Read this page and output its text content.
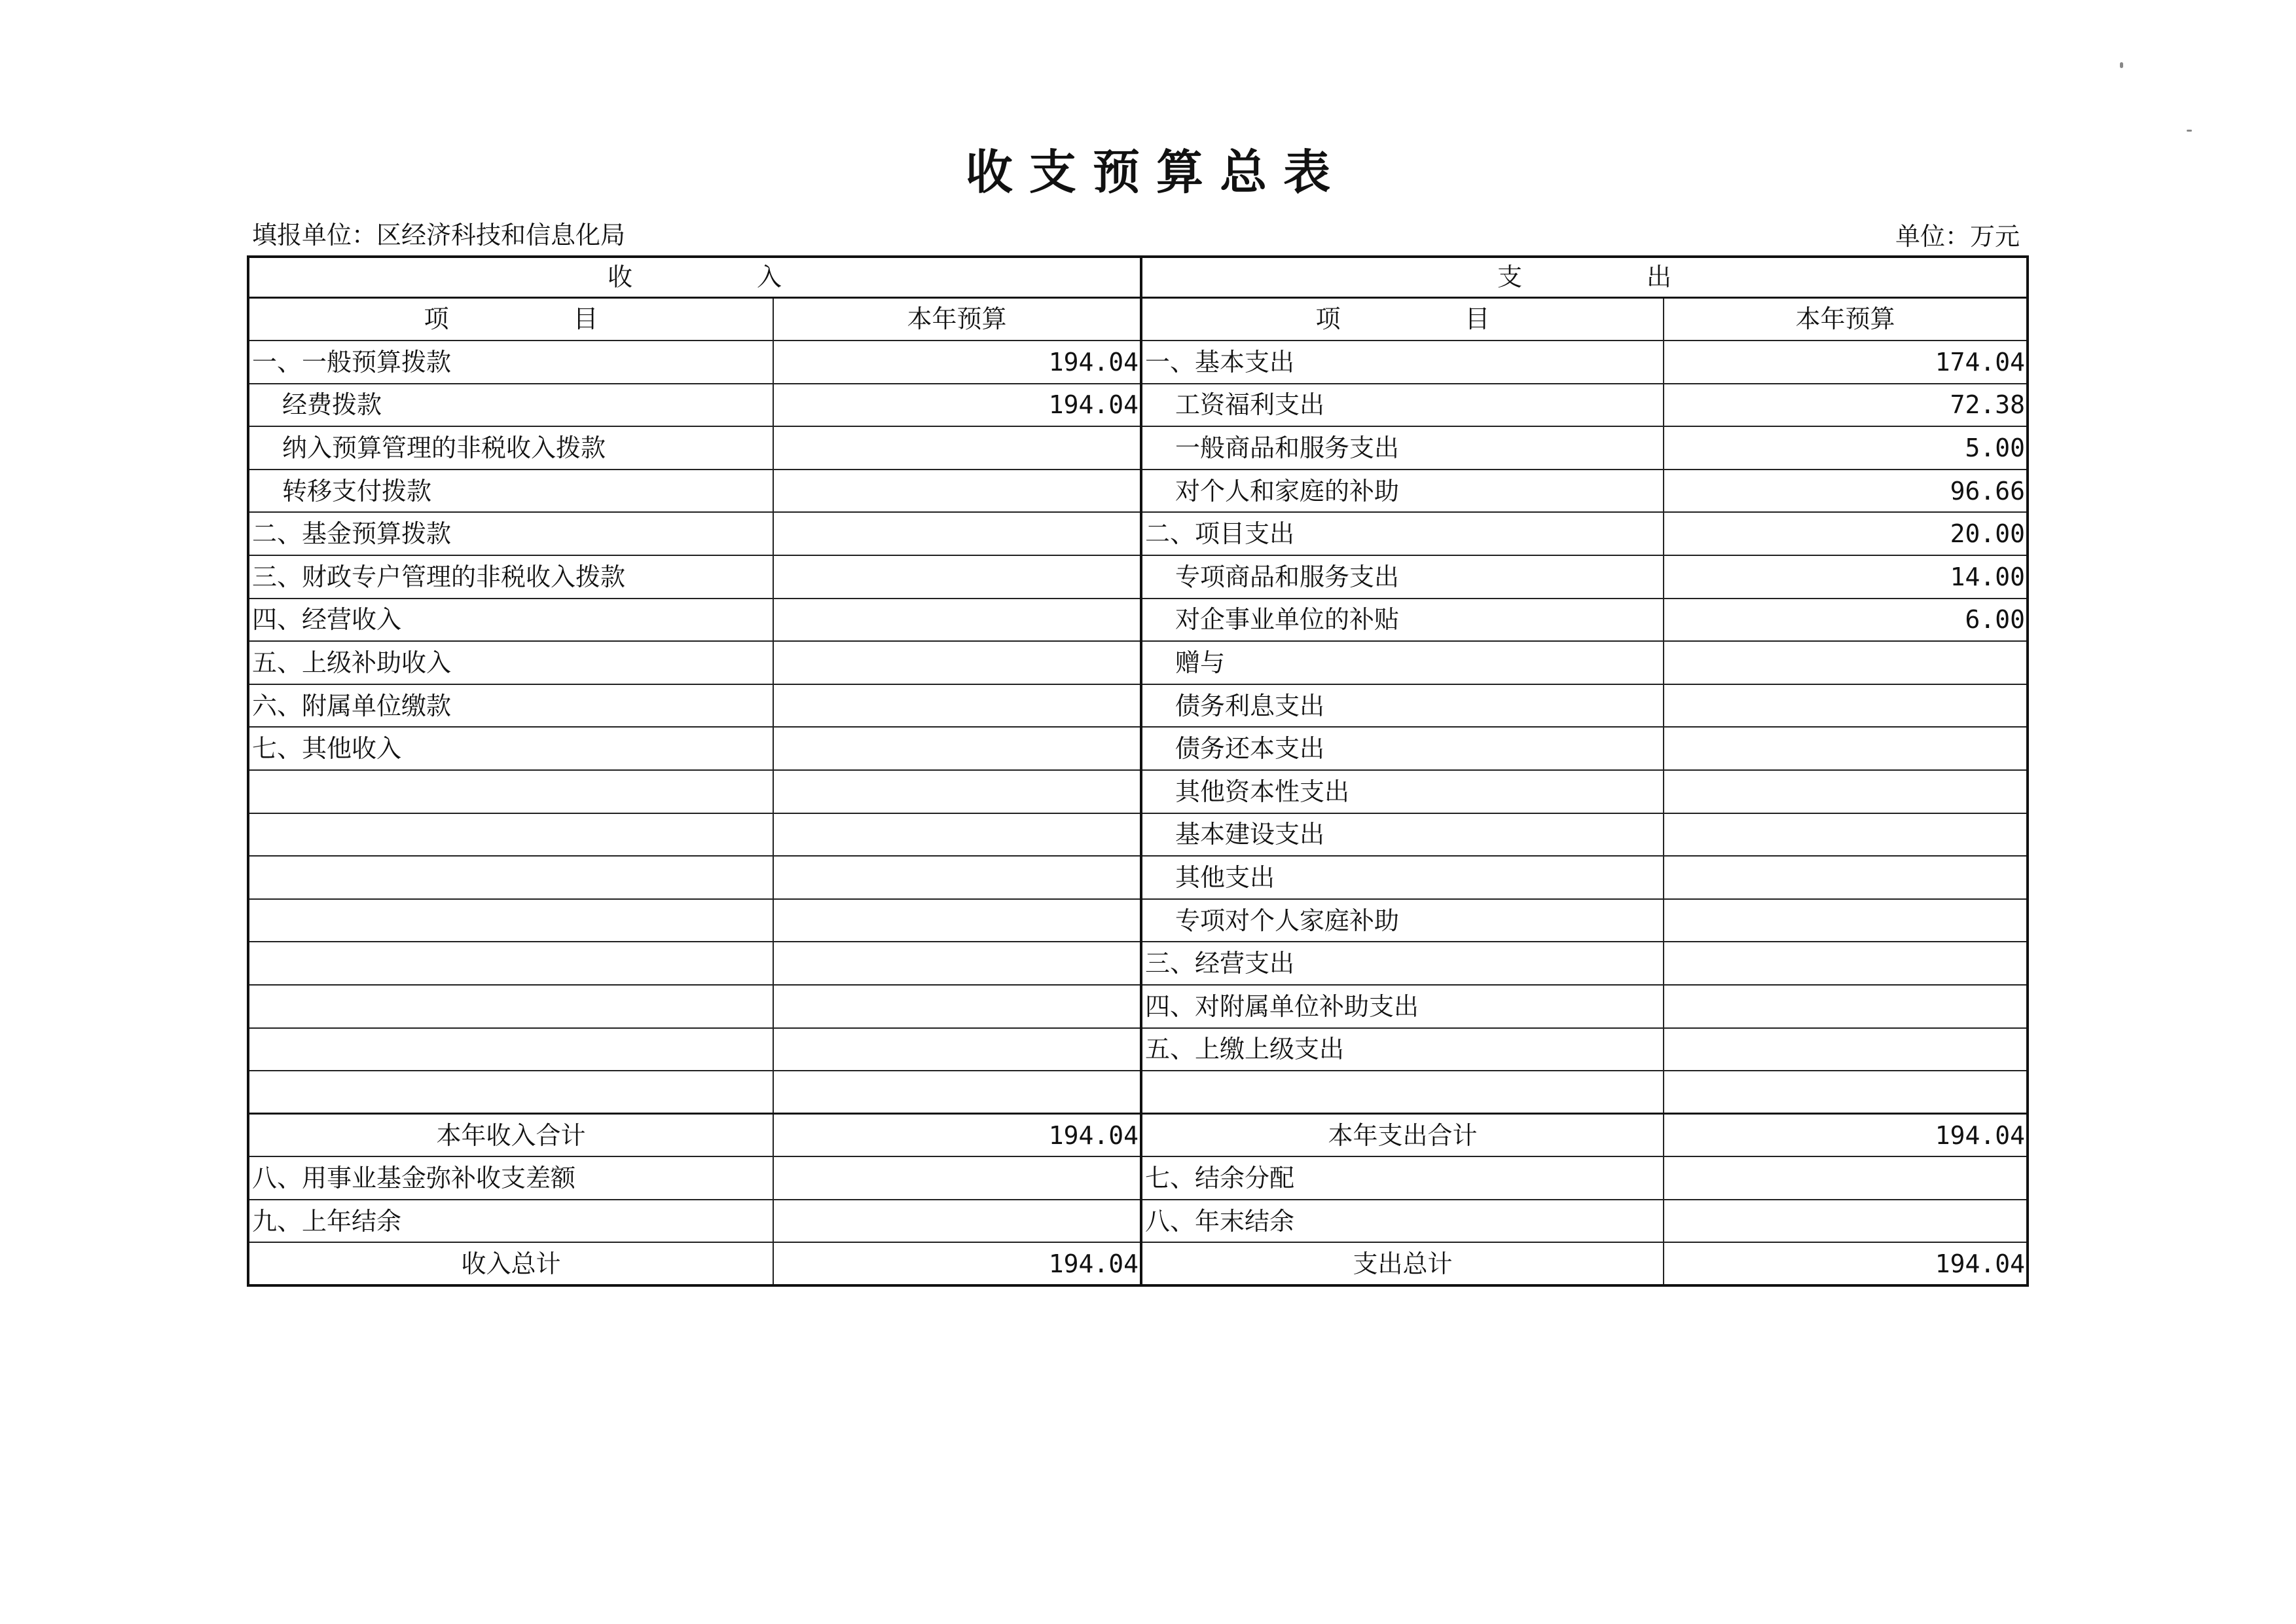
收 支 预 算 总 表
填报单位：区经济科技和信息化局	单位：万元
收　　　　　入		支　　　　　出	
项　　　　　目	本年预算	项　　　　　目	本年预算
一、一般预算拨款	194.04	一、基本支出	174.04
经费拨款	194.04	工资福利支出	72.38
纳入预算管理的非税收入拨款		一般商品和服务支出	5.00
转移支付拨款		对个人和家庭的补助	96.66
二、基金预算拨款		二、项目支出	20.00
三、财政专户管理的非税收入拨款		专项商品和服务支出	14.00
四、经营收入		对企事业单位的补贴	6.00
五、上级补助收入		赠与	
六、附属单位缴款		债务利息支出	
七、其他收入		债务还本支出	
		其他资本性支出	
		基本建设支出	
		其他支出	
		专项对个人家庭补助	
		三、经营支出	
		四、对附属单位补助支出	
		五、上缴上级支出	

本年收入合计	194.04	本年支出合计	194.04
八、用事业基金弥补收支差额		七、结余分配	
九、上年结余		八、年末结余	
收入总计	194.04	支出总计	194.04
